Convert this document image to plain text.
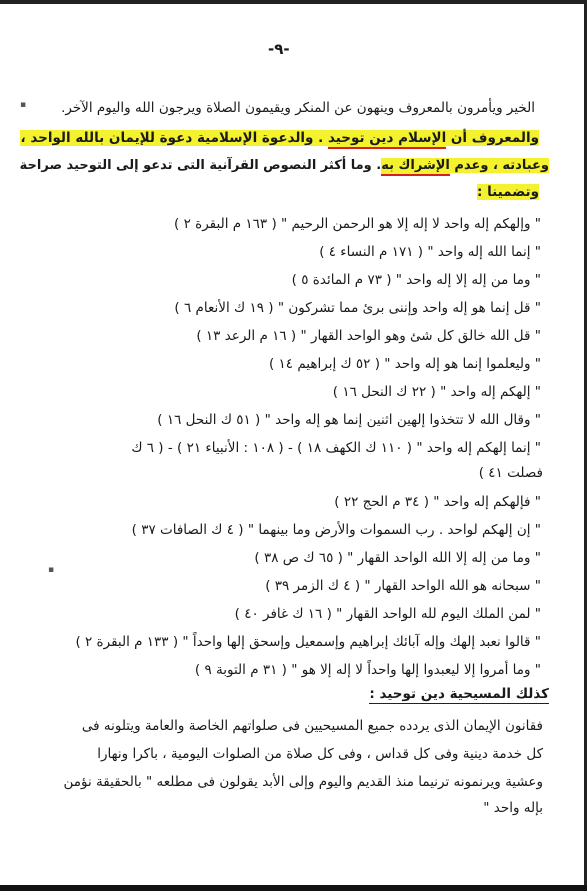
▪
▪
-٩-
الخير ويأمرون بالمعروف وينهون عن المنكر ويقيمون الصلاة ويرجون الله واليوم الآخر.
والمعروف أن الإسلام دين توحيد . والدعوة الإسلامية دعوة للإيمان بالله الواحد ،
وعبادته ، وعدم الإشراك به. وما أكثر النصوص القرآنية التى تدعو إلى التوحيد صراحة
وتضمينا :
" وإلهكم إله واحد لا إله إلا هو الرحمن الرحيم " ( ١٦٣ م البقرة ٢ )
" إنما الله إله واحد " ( ١٧١ م النساء ٤ )
" وما من إله إلا إله واحد " ( ٧٣ م المائدة ٥ )
" قل إنما هو إله واحد وإننى برئ مما تشركون " ( ١٩ ك الأنعام ٦ )
" قل الله خالق كل شئ وهو الواحد القهار " ( ١٦ م الرعد ١٣ )
" وليعلموا إنما هو إله واحد " ( ٥٢ ك إبراهيم ١٤ )
" إلهكم إله واحد " ( ٢٢ ك النحل ١٦ )
" وقال الله لا تتخذوا إلهين اثنين إنما هو إله واحد " ( ٥١ ك النحل ١٦ )
" إنما إلهكم إله واحد " ( ١١٠ ك الكهف ١٨ ) - ( ١٠٨ : الأنبياء ٢١ ) - ( ٦ ك
فصلت ٤١ )
" فإلهكم إله واحد " ( ٣٤ م الحج ٢٢ )
" إن إلهكم لواحد . رب السموات والأرض وما بينهما " ( ٤ ك الصافات ٣٧ )
" وما من إله إلا الله الواحد القهار " ( ٦٥ ك ص ٣٨ )
" سبحانه هو الله الواحد القهار " ( ٤ ك الزمر ٣٩ )
" لمن الملك اليوم لله الواحد القهار " ( ١٦ ك غافر ٤٠ )
" قالوا نعبد إلهك وإله آبائك إبراهيم وإسمعيل وإسحق إلها واحداً " ( ١٣٣ م البقرة ٢ )
" وما أمروا إلا ليعبدوا إلها واحداً لا إله إلا هو " ( ٣١ م التوبة ٩ )
كذلك المسيحية دين توحيد :
فقانون الإيمان الذى يردده جميع المسيحيين فى صلواتهم الخاصة والعامة ويتلونه فى
كل خدمة دينية وفى كل قداس ، وفى كل صلاة من الصلوات اليومية ، باكرا ونهارا
وعشية ويرنمونه ترنيما منذ القديم واليوم وإلى الأبد يقولون فى مطلعه " بالحقيقة نؤمن
بإله واحد "
